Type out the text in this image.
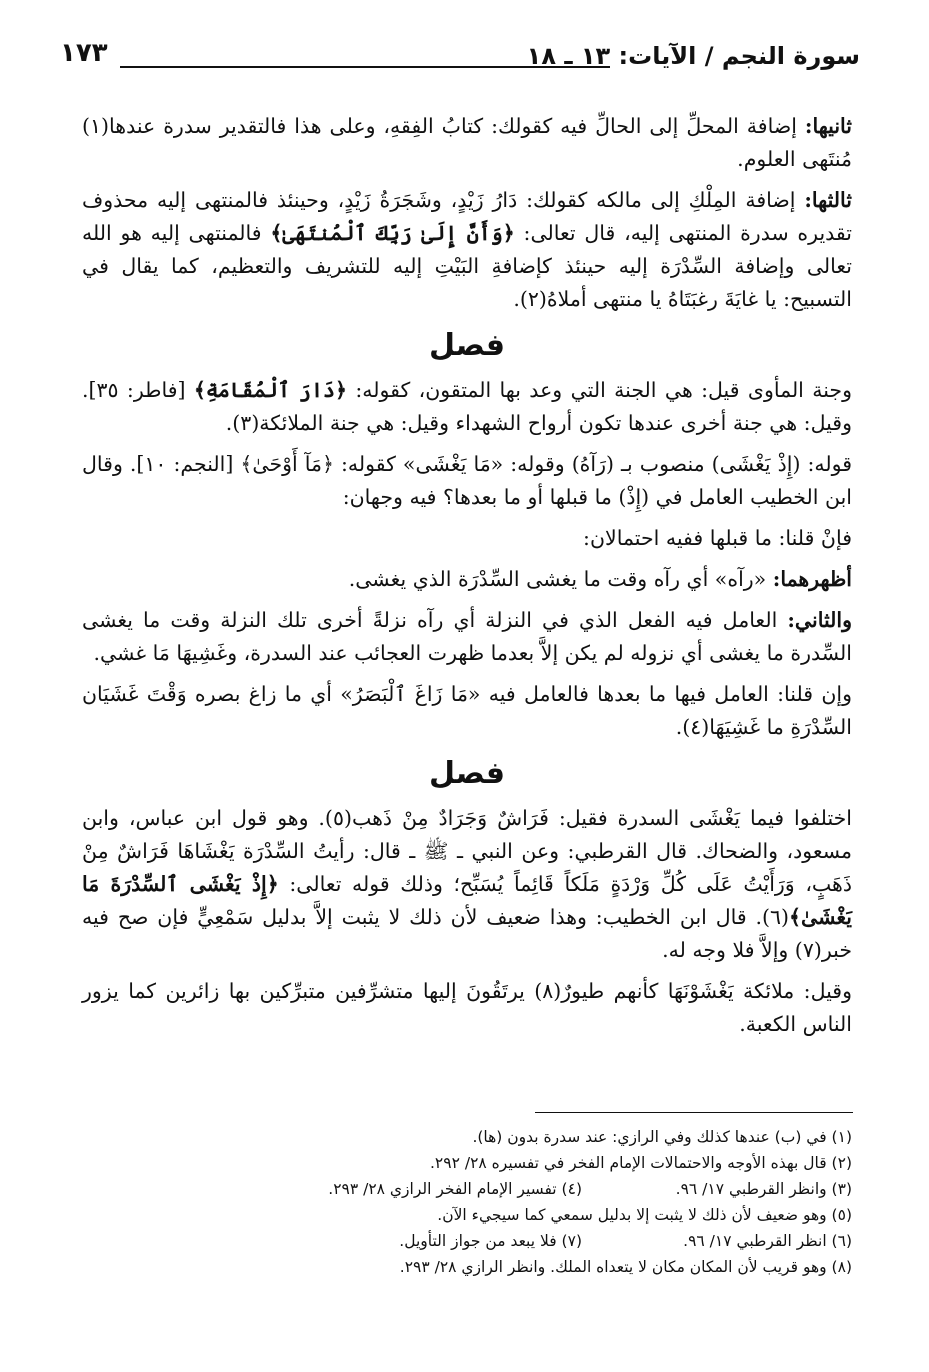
سورة النجم / الآيات: ١٣ ـ ١٨
١٧٣

ثانيها: إضافة المحلِّ إلى الحالِّ فيه كقولك: كتابُ الفِقهِ، وعلى هذا فالتقدير سدرة عندها(١) مُنتَهى العلوم.

ثالثها: إضافة المِلْكِ إلى مالكه كقولك: دَارُ زَيْدٍ، وشَجَرَةُ زَيْدٍ، وحينئذ فالمنتهى إليه محذوف تقديره سدرة المنتهى إليه، قال تعالى: ﴿وَأَنَّ إِلَىٰ رَبِّكَ ٱلْمُنتَهَىٰ﴾ فالمنتهى إليه هو الله تعالى وإضافة السِّدْرَة إليه حينئذ كإضافةِ البَيْتِ إليه للتشريف والتعظيم، كما يقال في التسبيح: يا غايَةَ رغبَتَاهُ يا منتهى أملاهُ(٢).

فصل

وجنة المأوى قيل: هي الجنة التي وعد بها المتقون، كقوله: ﴿دَارَ ٱلْمُقَامَةِ﴾ [فاطر: ٣٥]. وقيل: هي جنة أخرى عندها تكون أرواح الشهداء وقيل: هي جنة الملائكة(٣).

قوله: (إِذْ يَغْشَى) منصوب بـ (رَآهُ) وقوله: «مَا يَغْشَى» كقوله: ﴿مَآ أَوْحَىٰ﴾ [النجم: ١٠]. وقال ابن الخطيب العامل في (إِذْ) ما قبلها أو ما بعدها؟ فيه وجهان:

فإنْ قلنا: ما قبلها ففيه احتمالان:

أظهرهما: «رآه» أي رآه وقت ما يغشى السِّدْرَة الذي يغشى.

والثاني: العامل فيه الفعل الذي في النزلة أي رآه نزلةً أخرى تلك النزلة وقت ما يغشى السِّدرة ما يغشى أي نزوله لم يكن إلاَّ بعدما ظهرت العجائب عند السدرة، وغَشِيهَا مَا غشي.

وإن قلنا: العامل فيها ما بعدها فالعامل فيه «مَا زَاغَ ٱلْبَصَرُ» أي ما زاغ بصره وَقْتَ غَشَيَان السِّدْرَةِ ما غَشِيَهَا(٤).

فصل

اختلفوا فيما يَغْشَى السدرة فقيل: فَرَاشٌ وَجَرَادٌ مِنْ ذَهب(٥). وهو قول ابن عباس، وابن مسعود، والضحاك. قال القرطبي: وعن النبي ـ ﷺ ـ قال: رأيتُ السِّدْرَة يَغْشَاهَا فَرَاشٌ مِنْ ذَهَبٍ، وَرَأَيْتُ عَلَى كُلِّ وَرْدَةٍ مَلَكاً قَائِماً يُسَبِّح؛ وذلك قوله تعالى: ﴿إِذْ يَغْشَى ٱلسِّدْرَةَ مَا يَغْشَىٰ﴾(٦). قال ابن الخطيب: وهذا ضعيف لأن ذلك لا يثبت إلاَّ بدليل سَمْعِيٍّ فإن صح فيه خبر(٧) وإلاَّ فلا وجه له.

وقيل: ملائكة يَغْشَوْنَهَا كأنهم طيورٌ(٨) يرتَقُونَ إليها متشرِّفين متبرِّكين بها زائرين كما يزور الناس الكعبة.

(١) في (ب) عندها كذلك وفي الرازي: عند سدرة بدون (ها).
(٢) قال بهذه الأوجه والاحتمالات الإمام الفخر في تفسيره ٢٨/ ٢٩٢.
(٣) وانظر القرطبي ١٧/ ٩٦.
(٤) تفسير الإمام الفخر الرازي ٢٨/ ٢٩٣.
(٥) وهو ضعيف لأن ذلك لا يثبت إلا بدليل سمعي كما سيجيء الآن.
(٦) انظر القرطبي ١٧/ ٩٦.
(٧) فلا يبعد من جواز التأويل.
(٨) وهو قريب لأن المكان مكان لا يتعداه الملك. وانظر الرازي ٢٨/ ٢٩٣.
